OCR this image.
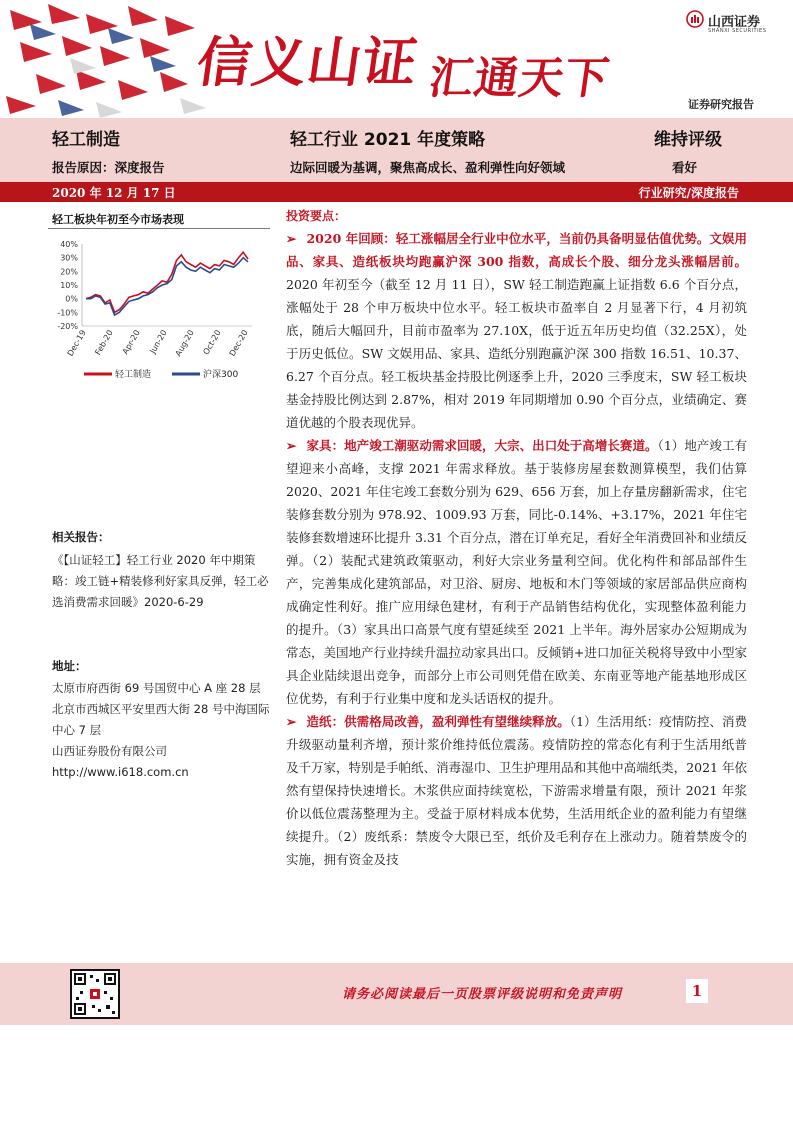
信义山证 汇通天下
山西证券
SHANXI SECURITIES
证券研究报告
轻工制造	轻工行业 2021 年度策略	维持评级
报告原因：深度报告	边际回暖为基调，聚焦高成长、盈利弹性向好领域	看好
2020 年 12 月 17 日	行业研究/深度报告
轻工板块年初至今市场表现
40%
30%
20%
10%
0%
-10%
-20%
Dec-19 Feb-20 Apr-20 Jun-20 Aug-20 Oct-20 Dec-20
轻工制造	沪深300
相关报告：
《【山证轻工】轻工行业 2020 年中期策略：竣工链+精装修利好家具反弹，轻工必选消费需求回暖》2020-6-29
地址：
太原市府西街 69 号国贸中心 A 座 28 层
北京市西城区平安里西大街 28 号中海国际中心 7 层
山西证券股份有限公司
http://www.i618.com.cn
投资要点：

➢ 2020 年回顾：轻工涨幅居全行业中位水平，当前仍具备明显估值优势。文娱用品、家具、造纸板块均跑赢沪深 300 指数，高成长个股、细分龙头涨幅居前。2020 年初至今（截至 12 月 11 日），SW 轻工制造跑赢上证指数 6.6 个百分点，涨幅处于 28 个申万板块中位水平。轻工板块市盈率自 2 月显著下行，4 月初筑底，随后大幅回升，目前市盈率为 27.10X，低于近五年历史均值（32.25X），处于历史低位。SW 文娱用品、家具、造纸分别跑赢沪深 300 指数 16.51、10.37、6.27 个百分点。轻工板块基金持股比例逐季上升，2020 三季度末，SW 轻工板块基金持股比例达到 2.87%，相对 2019 年同期增加 0.90 个百分点，业绩确定、赛道优越的个股表现优异。

➢ 家具：地产竣工潮驱动需求回暖，大宗、出口处于高增长赛道。（1）地产竣工有望迎来小高峰，支撑 2021 年需求释放。基于装修房屋套数测算模型，我们估算 2020、2021 年住宅竣工套数分别为 629、656 万套，加上存量房翻新需求，住宅装修套数分别为 978.92、1009.93 万套，同比-0.14%、+3.17%，2021 年住宅装修套数增速环比提升 3.31 个百分点，潜在订单充足，看好全年消费回补和业绩反弹。（2）装配式建筑政策驱动，利好大宗业务量利空间。优化构件和部品部件生产，完善集成化建筑部品，对卫浴、厨房、地板和木门等领域的家居部品供应商构成确定性利好。推广应用绿色建材，有利于产品销售结构优化，实现整体盈利能力的提升。（3）家具出口高景气度有望延续至 2021 上半年。海外居家办公短期成为常态，美国地产行业持续升温拉动家具出口。反倾销+进口加征关税将导致中小型家具企业陆续退出竞争，而部分上市公司则凭借在欧美、东南亚等地产能基地形成区位优势，有利于行业集中度和龙头话语权的提升。

➢ 造纸：供需格局改善，盈利弹性有望继续释放。（1）生活用纸：疫情防控、消费升级驱动量利齐增，预计浆价维持低位震荡。疫情防控的常态化有利于生活用纸普及千万家，特别是手帕纸、消毒湿巾、卫生护理用品和其他中高端纸类，2021 年依然有望保持快速增长。木浆供应面持续宽松，下游需求增量有限，预计 2021 年浆价以低位震荡整理为主。受益于原材料成本优势，生活用纸企业的盈利能力有望继续提升。（2）废纸系：禁废令大限已至，纸价及毛利存在上涨动力。随着禁废令的实施，拥有资金及技

请务必阅读最后一页股票评级说明和免责声明	1
